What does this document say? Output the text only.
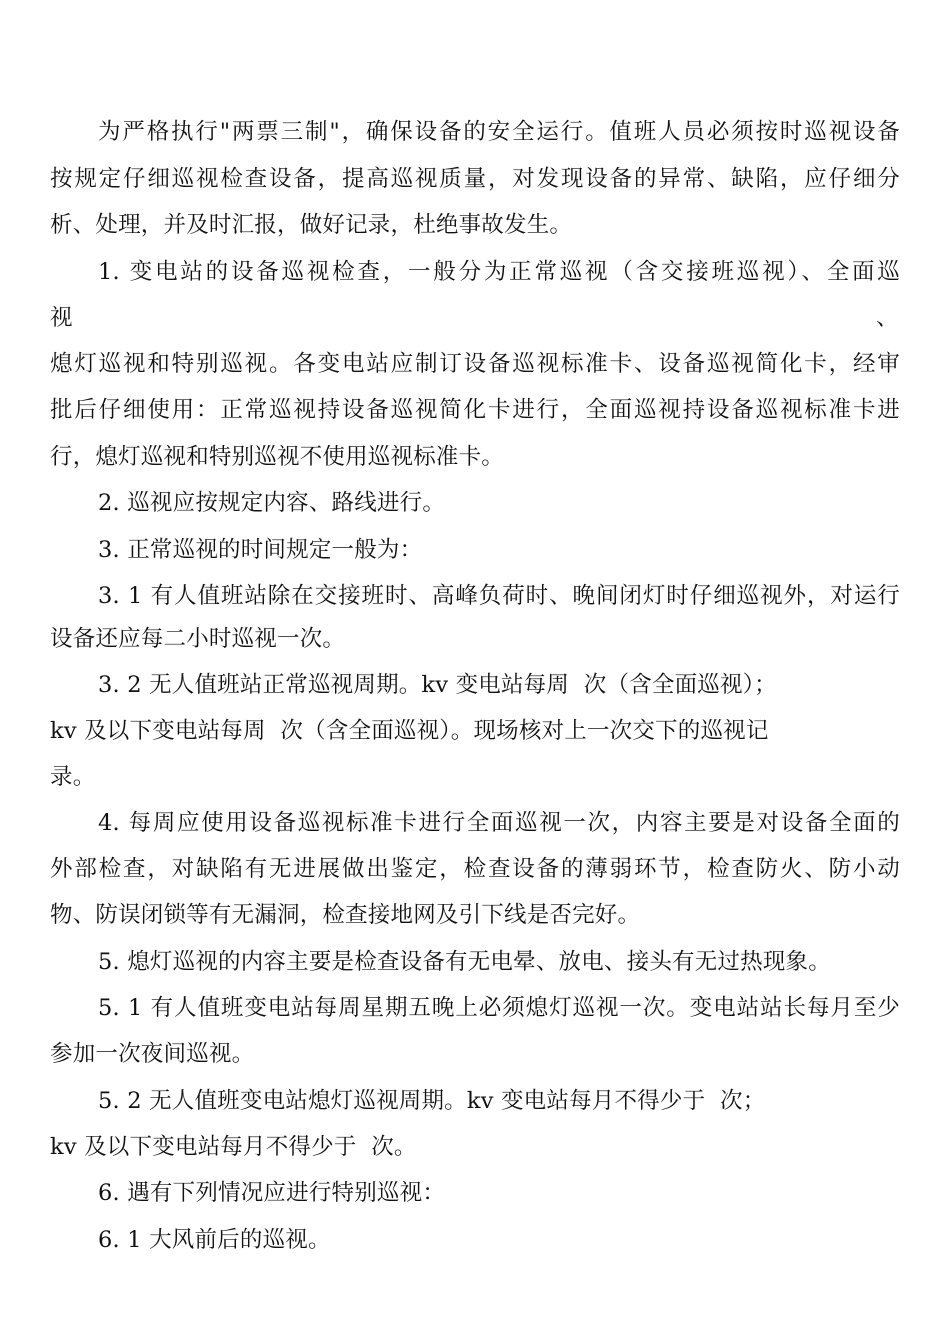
为严格执行"两票三制"，确保设备的安全运行。值班人员必须按时巡视设备
按规定仔细巡视检查设备，提高巡视质量，对发现设备的异常、缺陷，应仔细分
析、处理，并及时汇报，做好记录，杜绝事故发生。
1. 变电站的设备巡视检查，一般分为正常巡视（含交接班巡视）、全面巡
视	、
熄灯巡视和特别巡视。各变电站应制订设备巡视标准卡、设备巡视简化卡，经审
批后仔细使用：正常巡视持设备巡视简化卡进行，全面巡视持设备巡视标准卡进
行，熄灯巡视和特别巡视不使用巡视标准卡。
2. 巡视应按规定内容、路线进行。
3. 正常巡视的时间规定一般为：
3. 1 有人值班站除在交接班时、高峰负荷时、晚间闭灯时仔细巡视外，对运行
设备还应每二小时巡视一次。
3. 2 无人值班站正常巡视周期。kv 变电站每周  次（含全面巡视）；
kv 及以下变电站每周  次（含全面巡视）。现场核对上一次交下的巡视记
录。
4. 每周应使用设备巡视标准卡进行全面巡视一次，内容主要是对设备全面的
外部检查，对缺陷有无进展做出鉴定，检查设备的薄弱环节，检查防火、防小动
物、防误闭锁等有无漏洞，检查接地网及引下线是否完好。
5. 熄灯巡视的内容主要是检查设备有无电晕、放电、接头有无过热现象。
5. 1 有人值班变电站每周星期五晚上必须熄灯巡视一次。变电站站长每月至少
参加一次夜间巡视。
5. 2 无人值班变电站熄灯巡视周期。kv 变电站每月不得少于  次；
kv 及以下变电站每月不得少于  次。
6. 遇有下列情况应进行特别巡视：
6. 1 大风前后的巡视。
